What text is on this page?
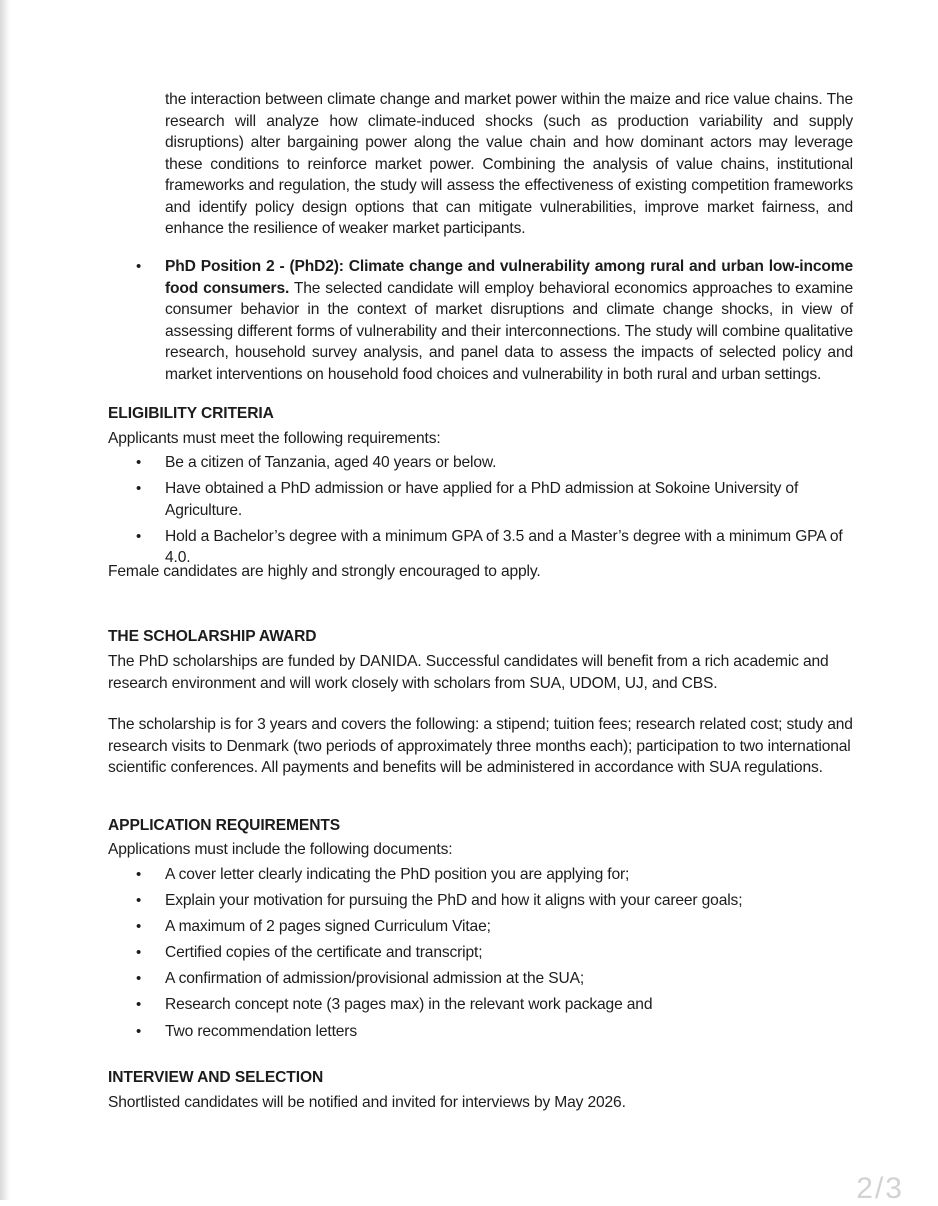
the interaction between climate change and market power within the maize and rice value chains. The research will analyze how climate-induced shocks (such as production variability and supply disruptions) alter bargaining power along the value chain and how dominant actors may leverage these conditions to reinforce market power. Combining the analysis of value chains, institutional frameworks and regulation, the study will assess the effectiveness of existing competition frameworks and identify policy design options that can mitigate vulnerabilities, improve market fairness, and enhance the resilience of weaker market participants.

•	PhD Position 2 - (PhD2): Climate change and vulnerability among rural and urban low-income food consumers. The selected candidate will employ behavioral economics approaches to examine consumer behavior in the context of market disruptions and climate change shocks, in view of assessing different forms of vulnerability and their interconnections. The study will combine qualitative research, household survey analysis, and panel data to assess the impacts of selected policy and market interventions on household food choices and vulnerability in both rural and urban settings.

ELIGIBILITY CRITERIA

Applicants must meet the following requirements:

•	Be a citizen of Tanzania, aged 40 years or below.
•	Have obtained a PhD admission or have applied for a PhD admission at Sokoine University of Agriculture.
•	Hold a Bachelor’s degree with a minimum GPA of 3.5 and a Master’s degree with a minimum GPA of 4.0.

Female candidates are highly and strongly encouraged to apply.

THE SCHOLARSHIP AWARD

The PhD scholarships are funded by DANIDA. Successful candidates will benefit from a rich academic and research environment and will work closely with scholars from SUA, UDOM, UJ, and CBS.

The scholarship is for 3 years and covers the following: a stipend; tuition fees; research related cost; study and research visits to Denmark (two periods of approximately three months each); participation to two international scientific conferences. All payments and benefits will be administered in accordance with SUA regulations.

APPLICATION REQUIREMENTS

Applications must include the following documents:

•	A cover letter clearly indicating the PhD position you are applying for;
•	Explain your motivation for pursuing the PhD and how it aligns with your career goals;
•	A maximum of 2 pages signed Curriculum Vitae;
•	Certified copies of the certificate and transcript;
•	A confirmation of admission/provisional admission at the SUA;
•	Research concept note (3 pages max) in the relevant work package and
•	Two recommendation letters
INTERVIEW AND SELECTION

Shortlisted candidates will be notified and invited for interviews by May 2026.

2/3
